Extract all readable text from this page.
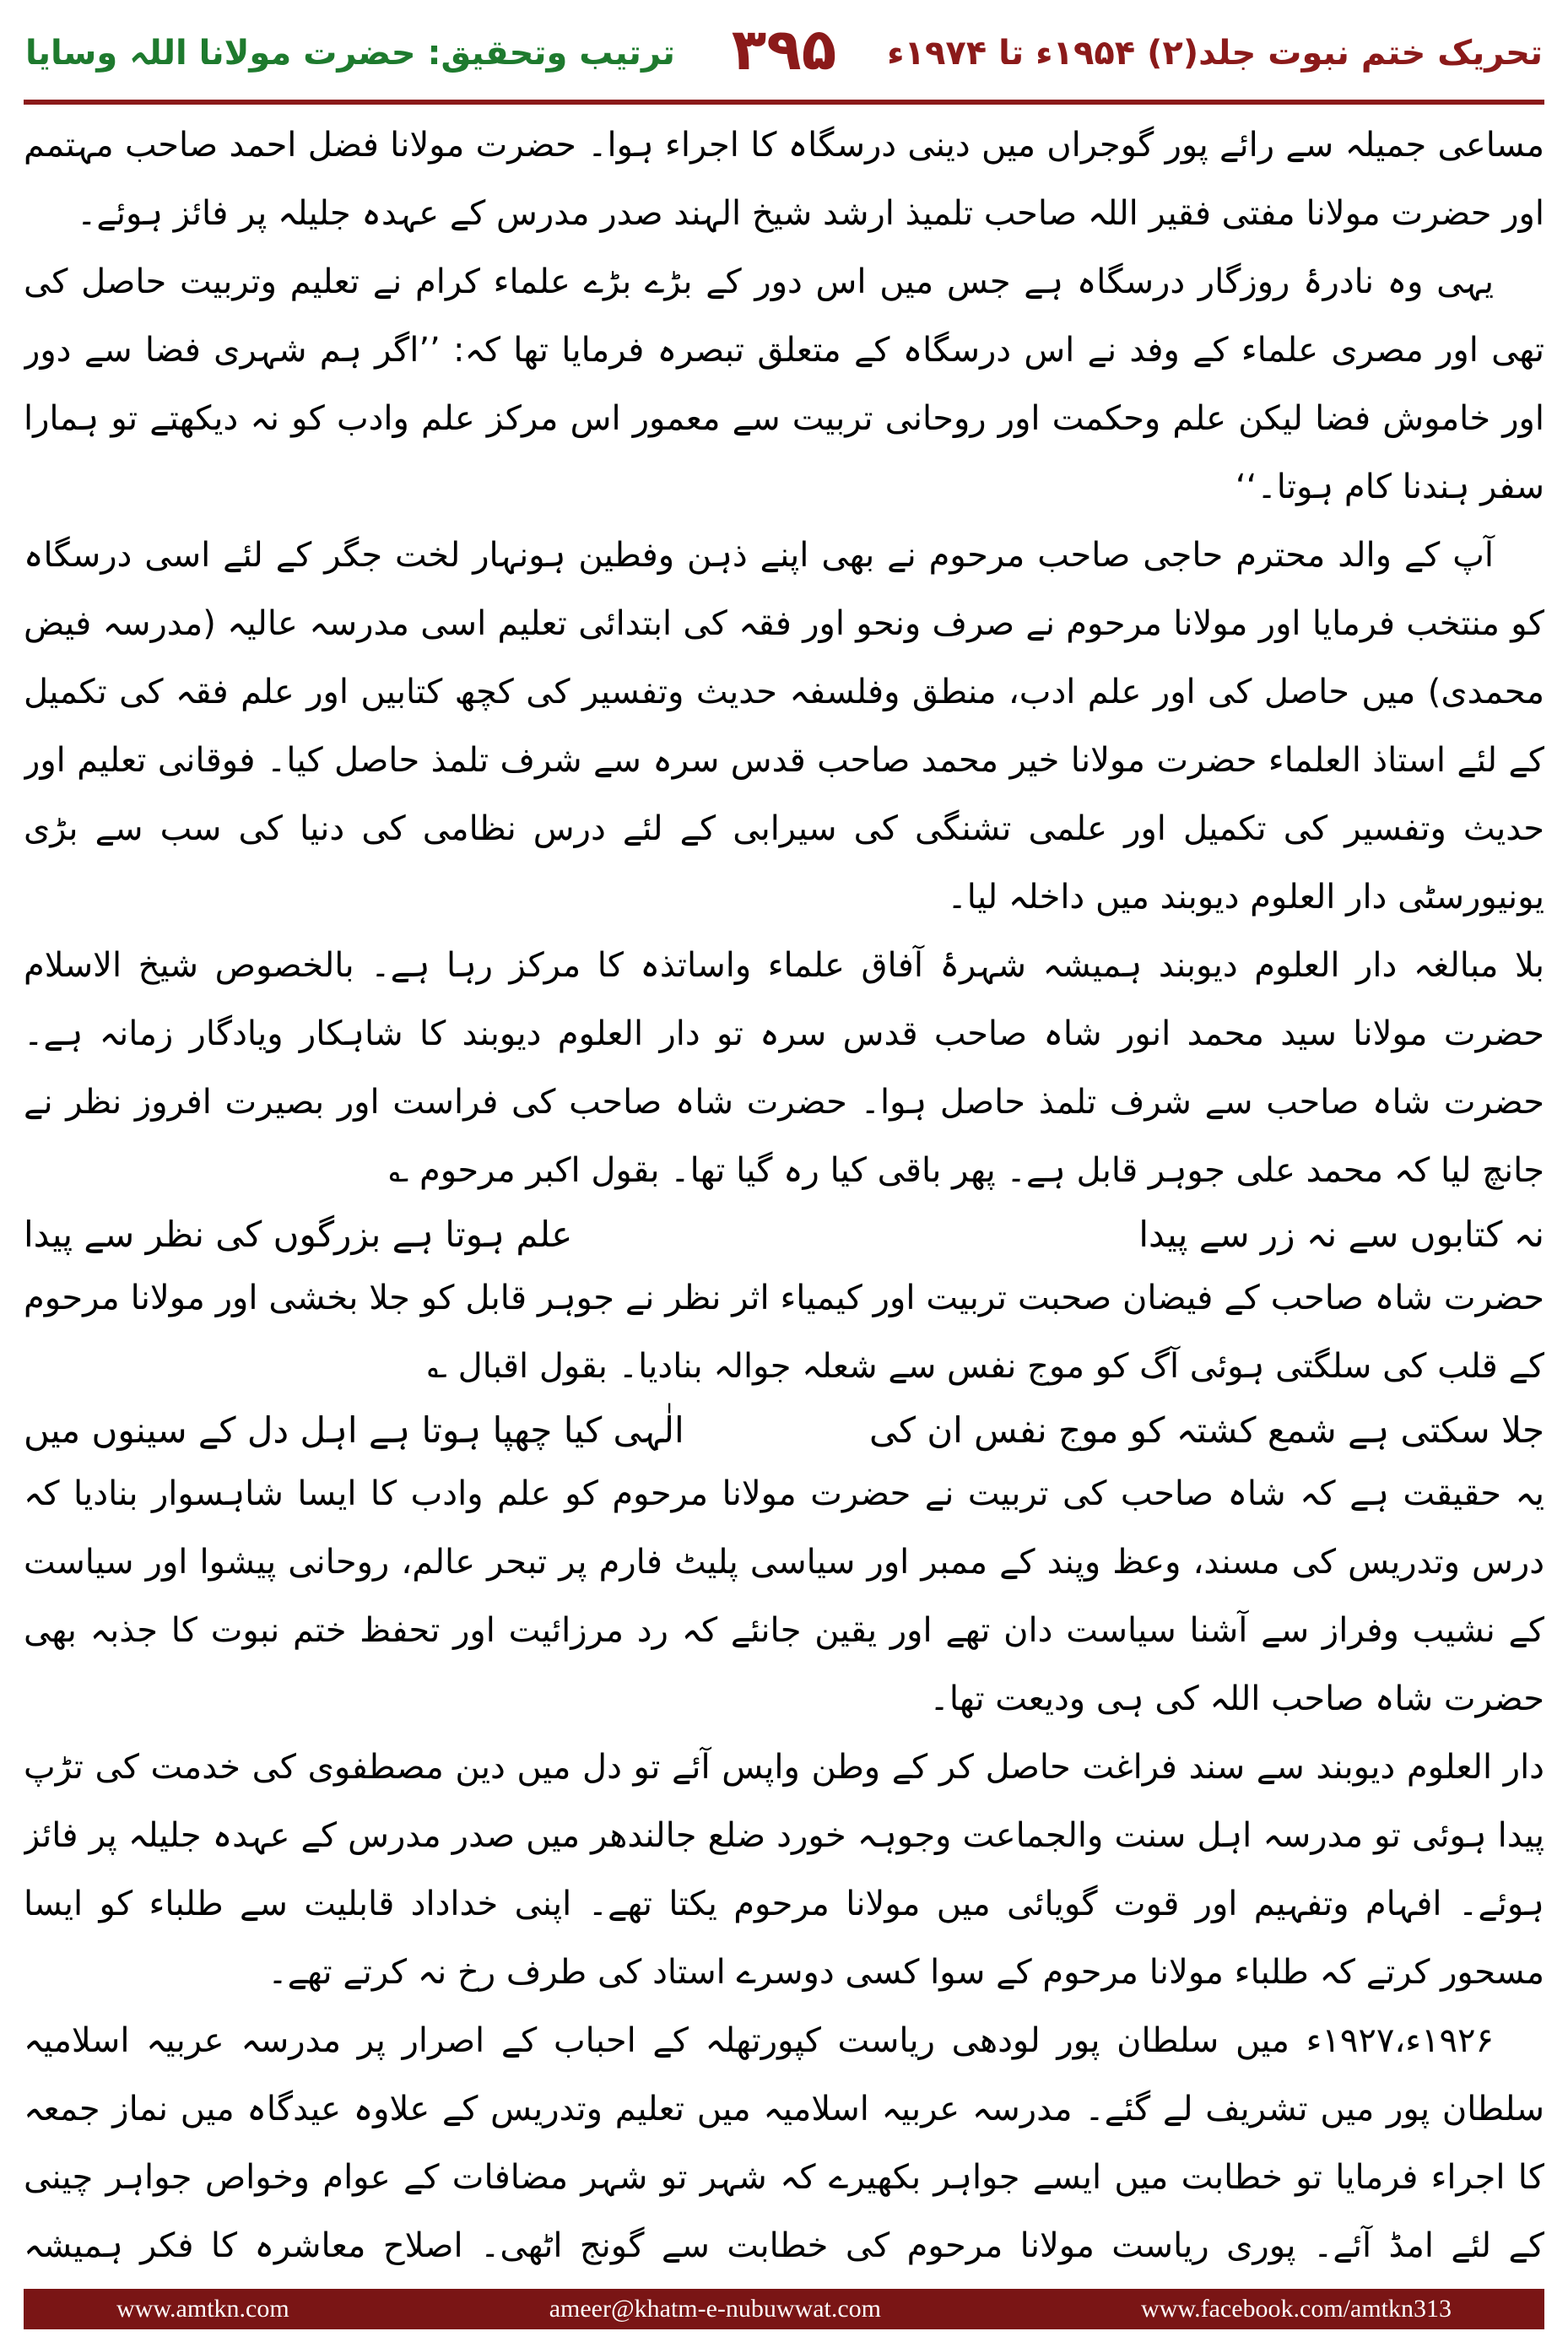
تحریک ختم نبوت جلد(۲) ۱۹۵۴ء تا ۱۹۷۴ء
۳۹۵
ترتیب وتحقیق: حضرت مولانا اللہ وسایا

مساعی جمیلہ سے رائے پور گوجراں میں دینی درسگاہ کا اجراء ہوا۔ حضرت مولانا فضل احمد صاحب مہتمم اور حضرت مولانا مفتی فقیر اللہ صاحب تلمیذ ارشد شیخ الہند صدر مدرس کے عہدہ جلیلہ پر فائز ہوئے۔

یہی وہ نادرۂ روزگار درسگاہ ہے جس میں اس دور کے بڑے بڑے علماء کرام نے تعلیم وتربیت حاصل کی تھی اور مصری علماء کے وفد نے اس درسگاہ کے متعلق تبصرہ فرمایا تھا کہ: ’’اگر ہم شہری فضا سے دور اور خاموش فضا لیکن علم وحکمت اور روحانی تربیت سے معمور اس مرکز علم وادب کو نہ دیکھتے تو ہمارا سفر ہندنا کام ہوتا۔‘‘

آپ کے والد محترم حاجی صاحب مرحوم نے بھی اپنے ذہن وفطین ہونہار لخت جگر کے لئے اسی درسگاہ کو منتخب فرمایا اور مولانا مرحوم نے صرف ونحو اور فقہ کی ابتدائی تعلیم اسی مدرسہ عالیہ (مدرسہ فیض محمدی) میں حاصل کی اور علم ادب، منطق وفلسفہ حدیث وتفسیر کی کچھ کتابیں اور علم فقہ کی تکمیل کے لئے استاذ العلماء حضرت مولانا خیر محمد صاحب قدس سرہ سے شرف تلمذ حاصل کیا۔ فوقانی تعلیم اور حدیث وتفسیر کی تکمیل اور علمی تشنگی کی سیرابی کے لئے درس نظامی کی دنیا کی سب سے بڑی یونیورسٹی دار العلوم دیوبند میں داخلہ لیا۔

بلا مبالغہ دار العلوم دیوبند ہمیشہ شہرۂ آفاق علماء واساتذہ کا مرکز رہا ہے۔ بالخصوص شیخ الاسلام حضرت مولانا سید محمد انور شاہ صاحب قدس سرہ تو دار العلوم دیوبند کا شاہکار ویادگار زمانہ ہے۔ حضرت شاہ صاحب سے شرف تلمذ حاصل ہوا۔ حضرت شاہ صاحب کی فراست اور بصیرت افروز نظر نے جانچ لیا کہ محمد علی جوہر قابل ہے۔ پھر باقی کیا رہ گیا تھا۔ بقول اکبر مرحوم ؎

نہ کتابوں سے نہ زر سے پیدا
علم ہوتا ہے بزرگوں کی نظر سے پیدا

حضرت شاہ صاحب کے فیضان صحبت تربیت اور کیمیاء اثر نظر نے جوہر قابل کو جلا بخشی اور مولانا مرحوم کے قلب کی سلگتی ہوئی آگ کو موج نفس سے شعلہ جوالہ بنادیا۔ بقول اقبال ؎

جلا سکتی ہے شمع کشتہ کو موج نفس ان کی
الٰہی کیا چھپا ہوتا ہے اہل دل کے سینوں میں

یہ حقیقت ہے کہ شاہ صاحب کی تربیت نے حضرت مولانا مرحوم کو علم وادب کا ایسا شاہسوار بنادیا کہ درس وتدریس کی مسند، وعظ وپند کے ممبر اور سیاسی پلیٹ فارم پر تبحر عالم، روحانی پیشوا اور سیاست کے نشیب وفراز سے آشنا سیاست دان تھے اور یقین جانئے کہ رد مرزائیت اور تحفظ ختم نبوت کا جذبہ بھی حضرت شاہ صاحب اللہ کی ہی ودیعت تھا۔

دار العلوم دیوبند سے سند فراغت حاصل کر کے وطن واپس آئے تو دل میں دین مصطفوی کی خدمت کی تڑپ پیدا ہوئی تو مدرسہ اہل سنت والجماعت وجوہہ خورد ضلع جالندھر میں صدر مدرس کے عہدہ جلیلہ پر فائز ہوئے۔ افہام وتفہیم اور قوت گویائی میں مولانا مرحوم یکتا تھے۔ اپنی خداداد قابلیت سے طلباء کو ایسا مسحور کرتے کہ طلباء مولانا مرحوم کے سوا کسی دوسرے استاد کی طرف رخ نہ کرتے تھے۔

۱۹۲۶ء،۱۹۲۷ء میں سلطان پور لودھی ریاست کپورتھلہ کے احباب کے اصرار پر مدرسہ عربیہ اسلامیہ سلطان پور میں تشریف لے گئے۔ مدرسہ عربیہ اسلامیہ میں تعلیم وتدریس کے علاوہ عیدگاہ میں نماز جمعہ کا اجراء فرمایا تو خطابت میں ایسے جواہر بکھیرے کہ شہر تو شہر مضافات کے عوام وخواص جواہر چینی کے لئے امڈ آئے۔ پوری ریاست مولانا مرحوم کی خطابت سے گونج اٹھی۔ اصلاح معاشرہ کا فکر ہمیشہ

www.amtkn.com	ameer@khatm-e-nubuwwat.com	www.facebook.com/amtkn313
